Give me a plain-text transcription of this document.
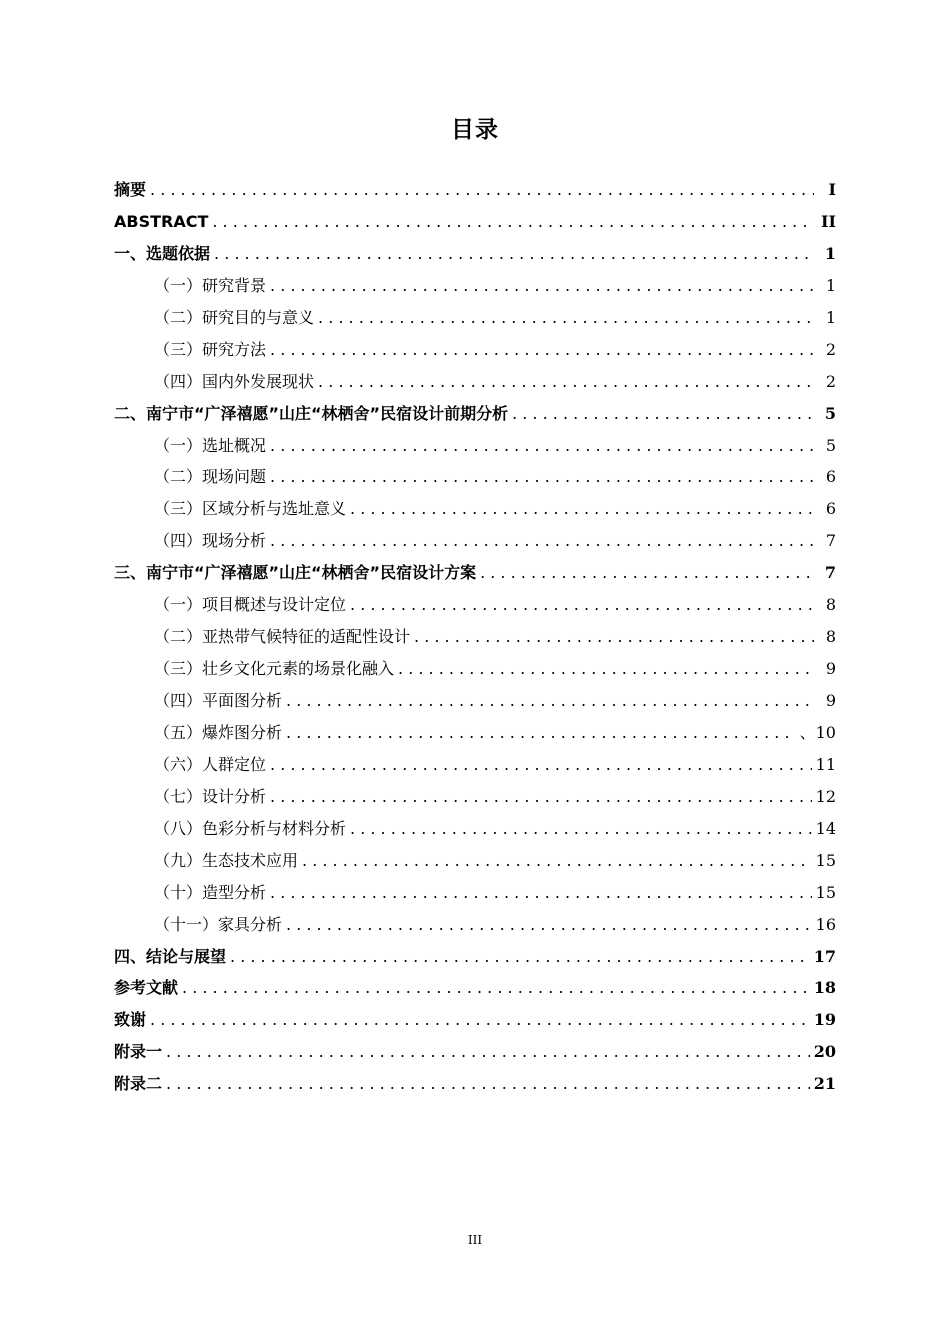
目录
摘要 . . .	I
ABSTRACT . . .	II
一、选题依据 . . .	1
（一）研究背景 . . .	1
（二）研究目的与意义 . . .	1
（三）研究方法 . . .	2
（四）国内外发展现状 . . .	2
二、南宁市“广泽禧愿”山庄“林栖舍”民宿设计前期分析 . . .	5
（一）选址概况 . . .	5
（二）现场问题 . . .	6
（三）区域分析与选址意义 . . .	6
（四）现场分析 . . .	7
三、南宁市“广泽禧愿”山庄“林栖舍”民宿设计方案 . . .	7
（一）项目概述与设计定位 . . .	8
（二）亚热带气候特征的适配性设计 . . .	8
（三）壮乡文化元素的场景化融入 . . .	9
（四）平面图分析 . . .	9
（五）爆炸图分析 . . .	、10
（六）人群定位 . . .	11
（七）设计分析 . . .	12
（八）色彩分析与材料分析 . . .	14
（九）生态技术应用 . . .	15
（十）造型分析 . . .	15
（十一）家具分析 . . .	16
四、结论与展望 . . .	17
参考文献 . . .	18
致谢 . . .	19
附录一 . . .	20
附录二 . . .	21
III
